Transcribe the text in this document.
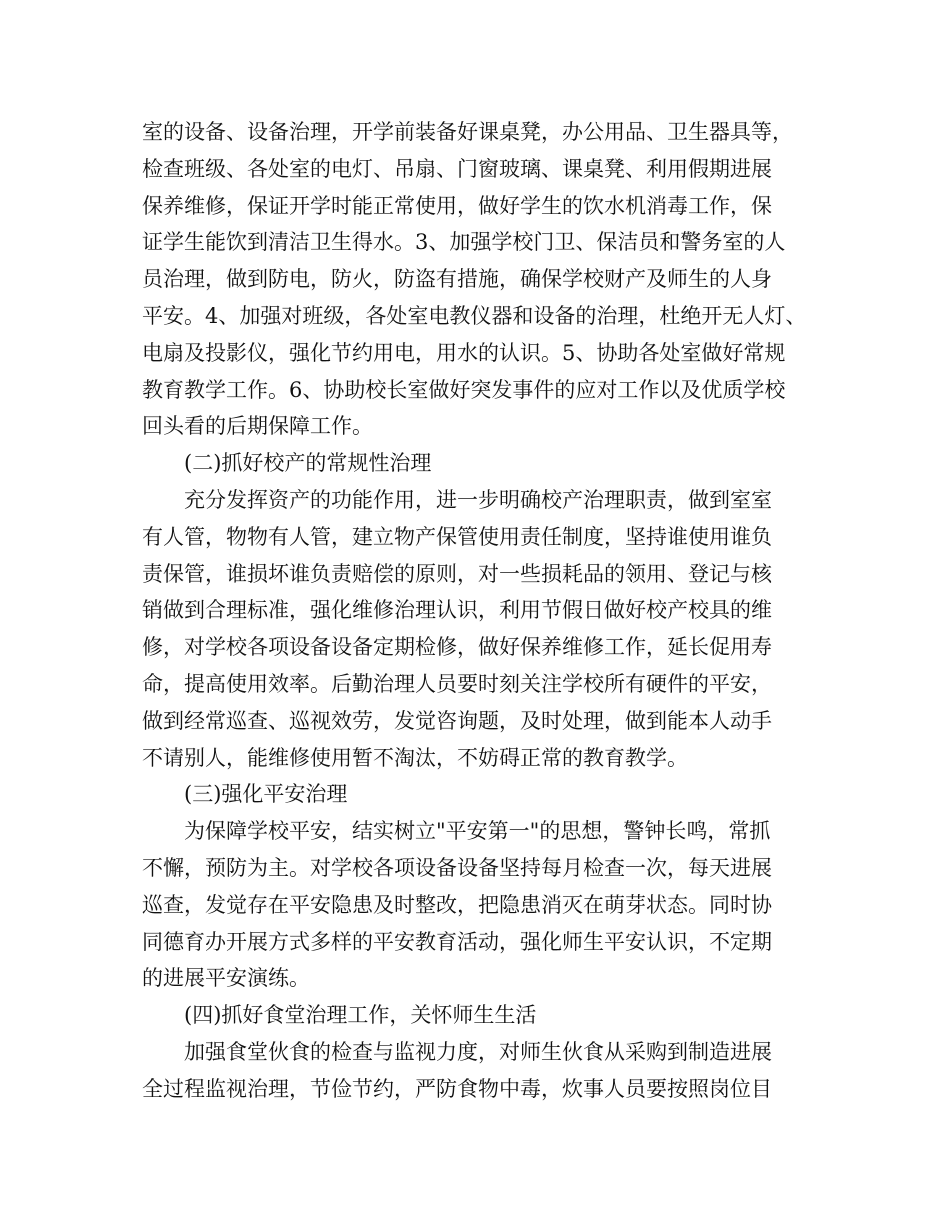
室的设备、设备治理，开学前装备好课桌凳，办公用品、卫生器具等，
检查班级、各处室的电灯、吊扇、门窗玻璃、课桌凳、利用假期进展
保养维修，保证开学时能正常使用，做好学生的饮水机消毒工作，保
证学生能饮到清洁卫生得水。3、加强学校门卫、保洁员和警务室的人
员治理，做到防电，防火，防盗有措施，确保学校财产及师生的人身
平安。4、加强对班级，各处室电教仪器和设备的治理，杜绝开无人灯、
电扇及投影仪，强化节约用电，用水的认识。5、协助各处室做好常规
教育教学工作。6、协助校长室做好突发事件的应对工作以及优质学校
回头看的后期保障工作。
(二)抓好校产的常规性治理
充分发挥资产的功能作用，进一步明确校产治理职责，做到室室
有人管，物物有人管，建立物产保管使用责任制度，坚持谁使用谁负
责保管，谁损坏谁负责赔偿的原则，对一些损耗品的领用、登记与核
销做到合理标准，强化维修治理认识，利用节假日做好校产校具的维
修，对学校各项设备设备定期检修，做好保养维修工作，延长促用寿
命，提高使用效率。后勤治理人员要时刻关注学校所有硬件的平安，
做到经常巡查、巡视效劳，发觉咨询题，及时处理，做到能本人动手
不请别人，能维修使用暂不淘汰，不妨碍正常的教育教学。
(三)强化平安治理
为保障学校平安，结实树立"平安第一"的思想，警钟长鸣，常抓
不懈，预防为主。对学校各项设备设备坚持每月检查一次，每天进展
巡查，发觉存在平安隐患及时整改，把隐患消灭在萌芽状态。同时协
同德育办开展方式多样的平安教育活动，强化师生平安认识，不定期
的进展平安演练。
(四)抓好食堂治理工作，关怀师生生活
加强食堂伙食的检查与监视力度，对师生伙食从采购到制造进展
全过程监视治理，节俭节约，严防食物中毒，炊事人员要按照岗位目
